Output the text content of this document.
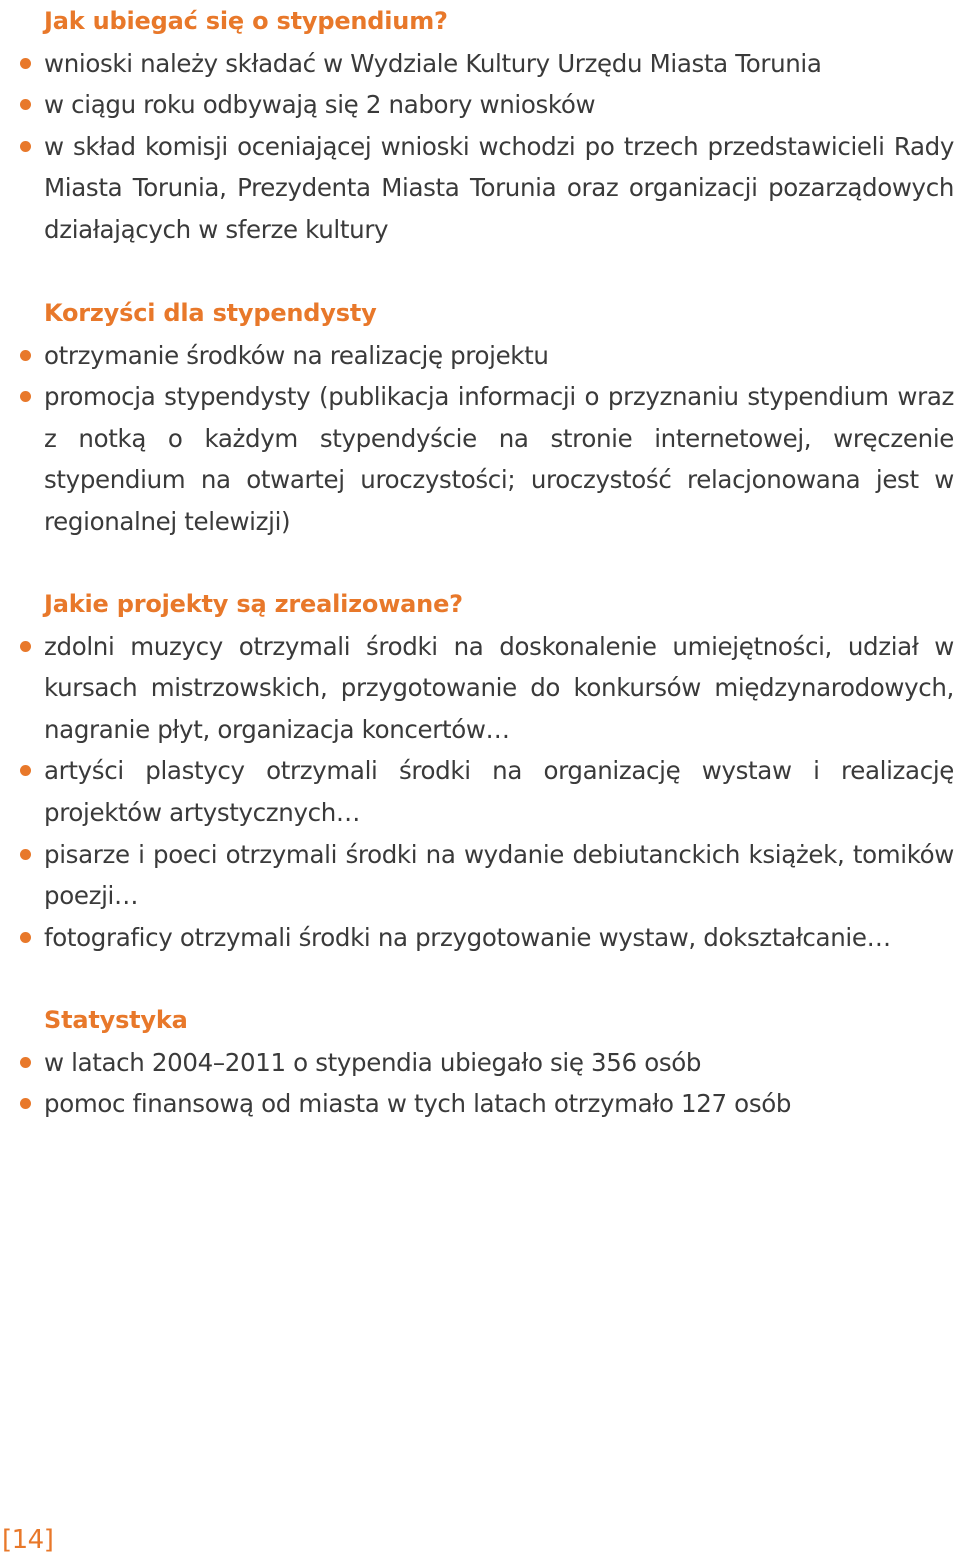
Jak ubiegać się o stypendium?
wnioski należy składać w Wydziale Kultury Urzędu Miasta Torunia
w ciągu roku odbywają się 2 nabory wniosków
w skład komisji oceniającej wnioski wchodzi po trzech przedstawicieli Rady Miasta Torunia, Prezydenta Miasta Torunia oraz organizacji pozarządowych działających w sferze kultury
Korzyści dla stypendysty
otrzymanie środków na realizację projektu
promocja stypendysty (publikacja informacji o przyznaniu stypendium wraz z notką o każdym stypendyście na stronie internetowej, wręczenie stypendium na otwartej uroczystości; uroczystość relacjonowana jest w regionalnej telewizji)
Jakie projekty są zrealizowane?
zdolni muzycy otrzymali środki na doskonalenie umiejętności, udział w kursach mistrzowskich, przygotowanie do konkursów międzynarodowych, nagranie płyt, organizacja koncertów…
artyści plastycy otrzymali środki na organizację wystaw i realizację projektów artystycznych…
pisarze i poeci otrzymali środki na wydanie debiutanckich książek, tomików poezji…
fotograficy otrzymali środki na przygotowanie wystaw, dokształcanie…
Statystyka
w latach 2004–2011 o stypendia ubiegało się 356 osób
pomoc finansową od miasta w tych latach otrzymało 127 osób
[14]
